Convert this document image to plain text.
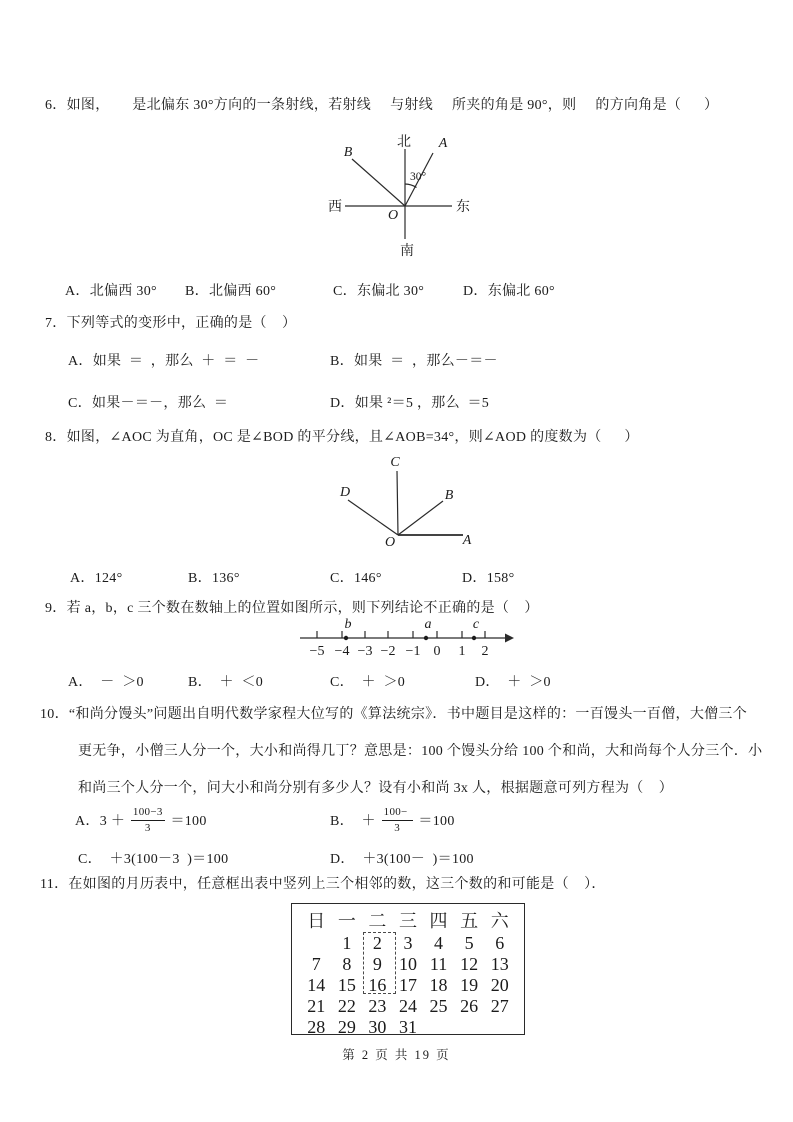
6．如图，      是北偏东 30°方向的一条射线，若射线     与射线     所夹的角是 90°，则     的方向角是（      ）
北
南
西	东
O
A
B
30°
A．北偏西 30° B．北偏西 60°	C．东偏北 30°	D．东偏北 60°
7．下列等式的变形中，正确的是（    ）
A．如果  ＝  ，那么  ＋  ＝  －	B．如果  ＝  ，那么－＝－
C．如果－＝－，那么  ＝	D．如果 ²＝5 ，那么  ＝5
8．如图，∠AOC 为直角，OC 是∠BOD 的平分线，且∠AOB=34°，则∠AOD 的度数为（      ）
C
D	B
O	A
A．124°	B．136°	C．146°	D．158°
9．若 a，b，c 三个数在数轴上的位置如图所示，则下列结论不正确的是（    ）
−5 −4 −3 −2 −1 0 1 2
b	a	c
A．  －  ＞0	B．  ＋  ＜0	C．  ＋  ＞0	D．  ＋  ＞0
10．“和尚分馒头”问题出自明代数学家程大位写的《算法统宗》．书中题目是这样的：一百馒头一百僧，大僧三个
更无争，小僧三人分一个，大小和尚得几丁？意思是：100 个馒头分给 100 个和尚，大和尚每个人分三个．小
和尚三个人分一个，问大小和尚分别有多少人？设有小和尚 3x 人，根据题意可列方程为（    ）
A． $3 + \frac{100-3}{3} =100$	B． ＋ $\frac{100-}{3} =100$
C． ＋3(100－3  )＝100	D． ＋3(100－  )＝100
11．在如图的月历表中，任意框出表中竖列上三个相邻的数，这三个数的和可能是（    ）．
日	一	二	三	四	五	六
	1	2	3	4	5	6
7	8	9	10	11	12	13
14	15	16	17	18	19	20
21	22	23	24	25	26	27
28	29	30	31			
第 2 页 共 19 页
